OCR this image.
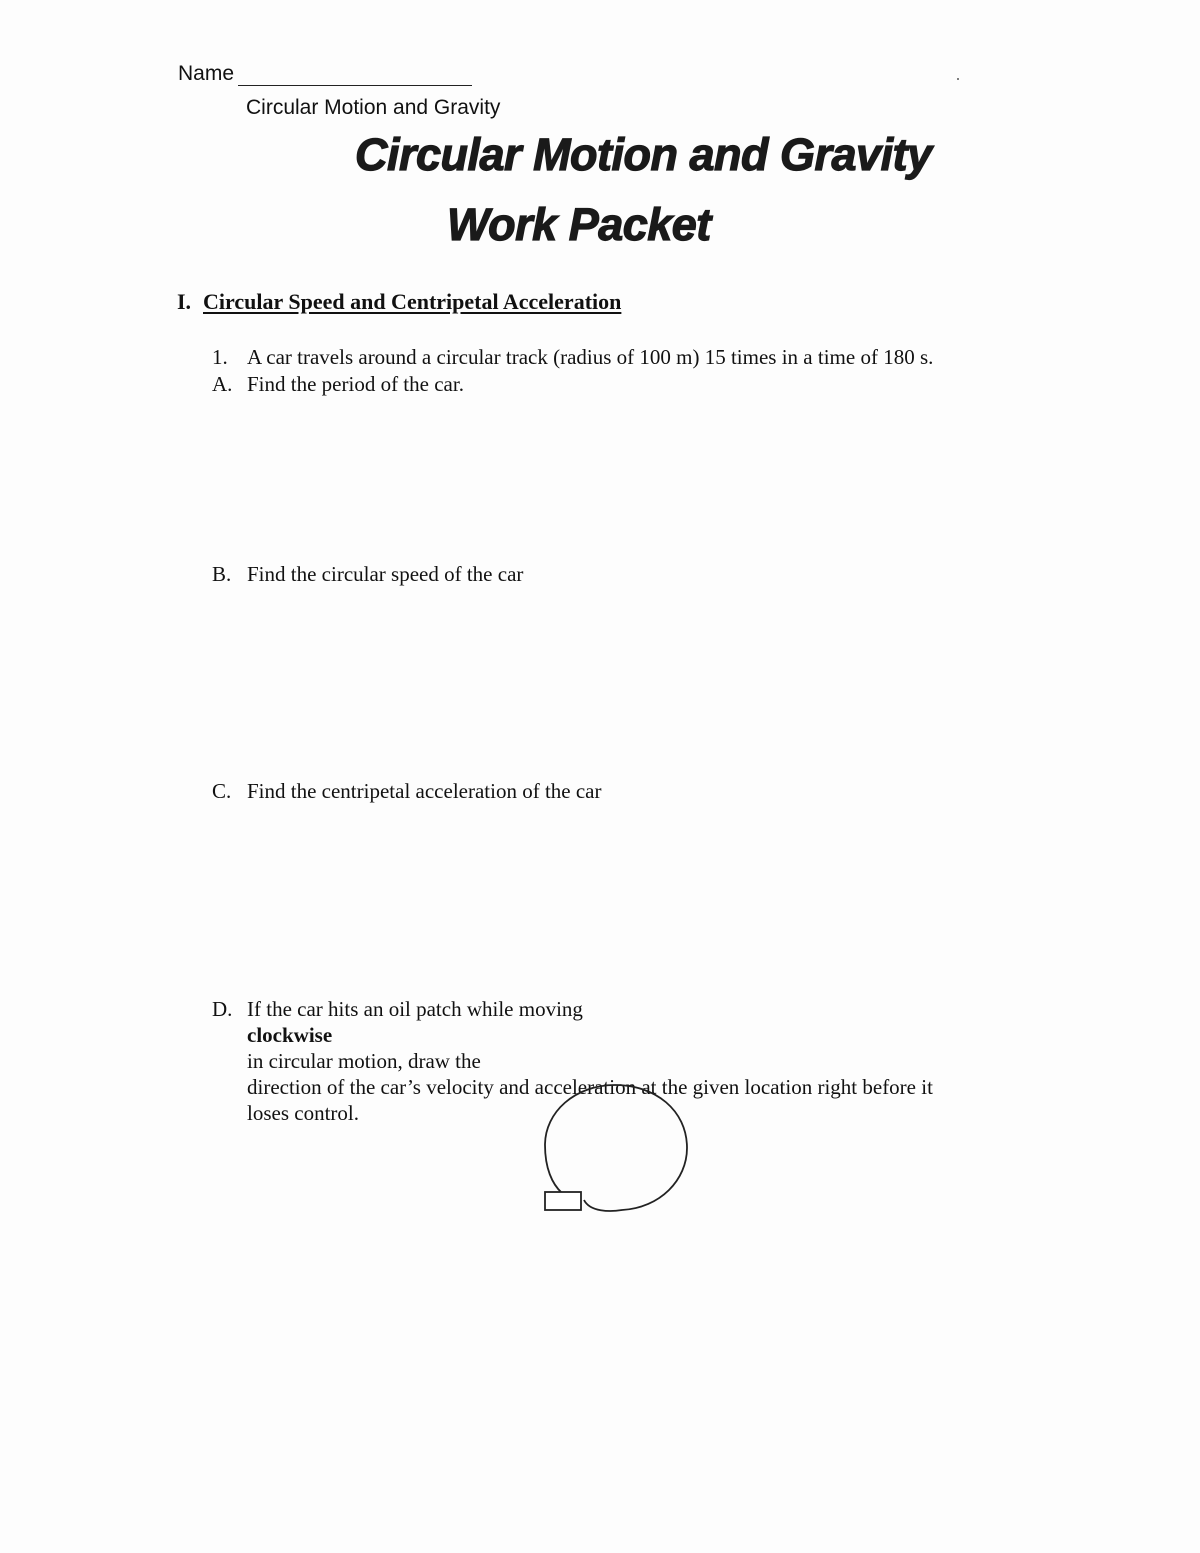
Name
Circular Motion and Gravity
Circular Motion and Gravity
Work Packet
I. Circular Speed and Centripetal Acceleration
1. A car travels around a circular track (radius of 100 m) 15 times in a time of 180 s.
A. Find the period of the car.
B. Find the circular speed of the car
C. Find the centripetal acceleration of the car
D. If the car hits an oil patch while moving
clockwise
in circular motion, draw the
direction of the car’s velocity and acceleration at the given location right before it
loses control.
